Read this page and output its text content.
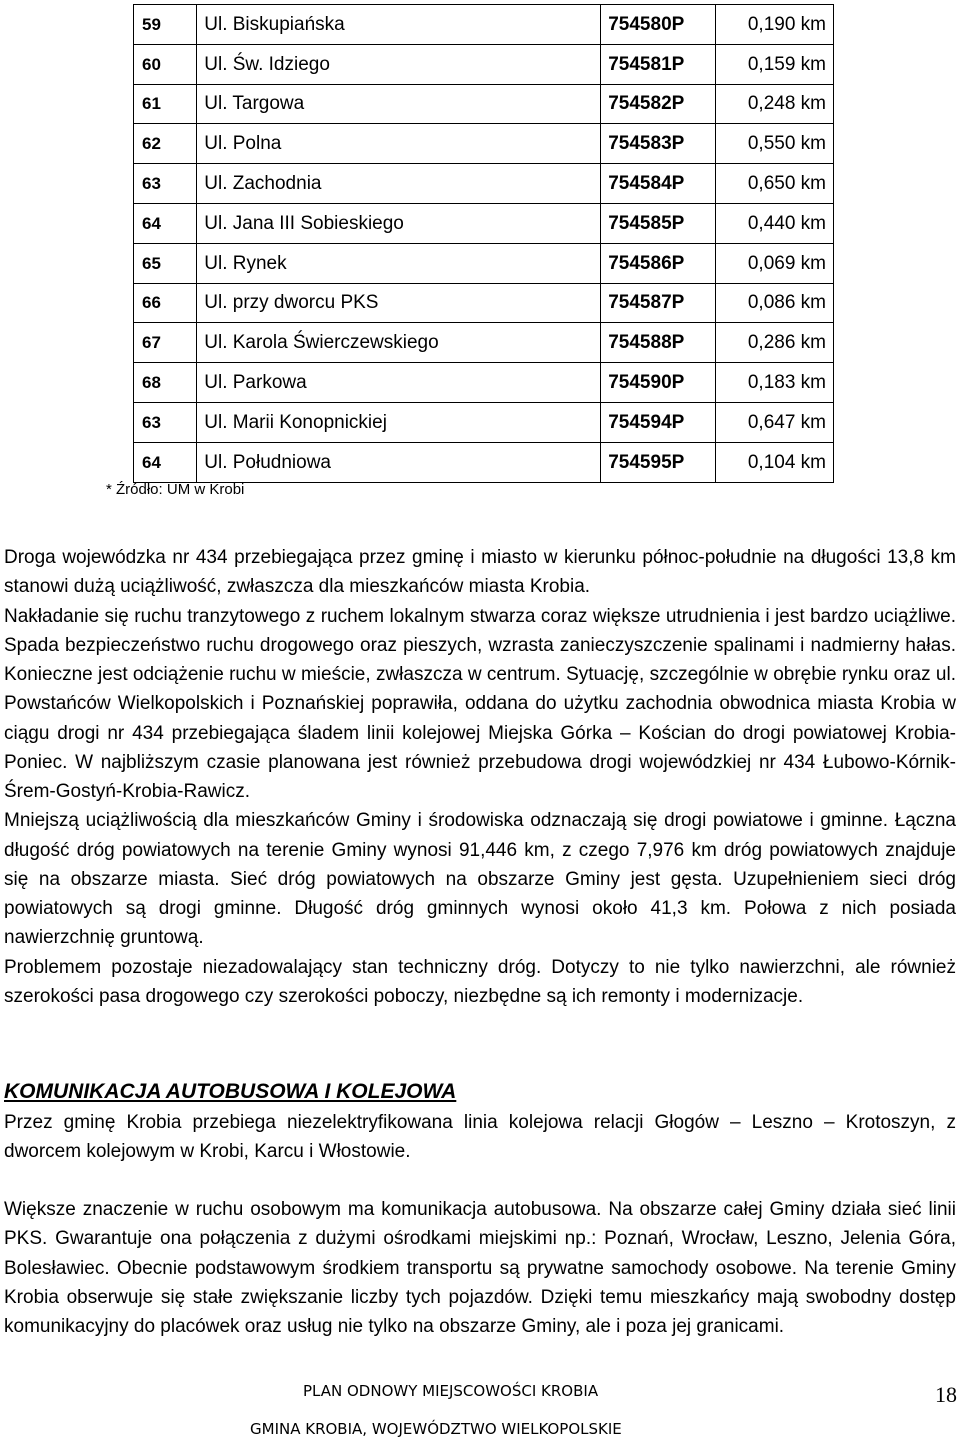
59	Ul. Biskupiańska	754580P	0,190 km
60	Ul. Św. Idziego	754581P	0,159 km
61	Ul. Targowa	754582P	0,248 km
62	Ul. Polna	754583P	0,550 km
63	Ul. Zachodnia	754584P	0,650 km
64	Ul. Jana III Sobieskiego	754585P	0,440 km
65	Ul. Rynek	754586P	0,069 km
66	Ul. przy dworcu PKS	754587P	0,086 km
67	Ul. Karola Świerczewskiego	754588P	0,286 km
68	Ul. Parkowa	754590P	0,183 km
63	Ul. Marii Konopnickiej	754594P	0,647 km
64	Ul. Południowa	754595P	0,104 km
* Źródło: UM w Krobi

Droga wojewódzka nr 434 przebiegająca przez gminę i miasto w kierunku północ-południe na długości 13,8 km stanowi dużą uciążliwość, zwłaszcza dla mieszkańców miasta Krobia.

Nakładanie się ruchu tranzytowego z ruchem lokalnym stwarza coraz większe utrudnienia i jest bardzo uciążliwe. Spada bezpieczeństwo ruchu drogowego oraz pieszych, wzrasta zanieczyszczenie spalinami i nadmierny hałas. Konieczne jest odciążenie ruchu w mieście, zwłaszcza w centrum. Sytuację, szczególnie w obrębie rynku oraz ul. Powstańców Wielkopolskich i Poznańskiej poprawiła, oddana do użytku zachodnia obwodnica miasta Krobia w ciągu drogi nr 434 przebiegająca śladem linii kolejowej Miejska Górka – Kościan do drogi powiatowej Krobia-Poniec. W najbliższym czasie planowana jest również przebudowa drogi wojewódzkiej nr 434 Łubowo-Kórnik-Śrem-Gostyń-Krobia-Rawicz.

Mniejszą uciążliwością dla mieszkańców Gminy i środowiska odznaczają się drogi powiatowe i gminne. Łączna długość dróg powiatowych na terenie Gminy wynosi 91,446 km, z czego 7,976 km dróg powiatowych znajduje się na obszarze miasta. Sieć dróg powiatowych na obszarze Gminy jest gęsta. Uzupełnieniem sieci dróg powiatowych są drogi gminne. Długość dróg gminnych wynosi około 41,3 km. Połowa z nich posiada nawierzchnię gruntową.

Problemem pozostaje niezadowalający stan techniczny dróg. Dotyczy to nie tylko nawierzchni, ale również szerokości pasa drogowego czy szerokości poboczy, niezbędne są ich remonty i modernizacje.

KOMUNIKACJA AUTOBUSOWA I KOLEJOWA

Przez gminę Krobia przebiega niezelektryfikowana linia kolejowa relacji Głogów – Leszno – Krotoszyn, z dworcem kolejowym w Krobi, Karcu i Włostowie.

Większe znaczenie w ruchu osobowym ma komunikacja autobusowa. Na obszarze całej Gminy działa sieć linii PKS. Gwarantuje ona połączenia z dużymi ośrodkami miejskimi np.: Poznań, Wrocław, Leszno, Jelenia Góra, Bolesławiec. Obecnie podstawowym środkiem transportu są prywatne samochody osobowe. Na terenie Gminy Krobia obserwuje się stałe zwiększanie liczby tych pojazdów. Dzięki temu mieszkańcy mają swobodny dostęp komunikacyjny do placówek oraz usług nie tylko na obszarze Gminy, ale i poza jej granicami.

PLAN ODNOWY MIEJSCOWOŚCI KROBIA	18
GMINA KROBIA, WOJEWÓDZTWO WIELKOPOLSKIE
